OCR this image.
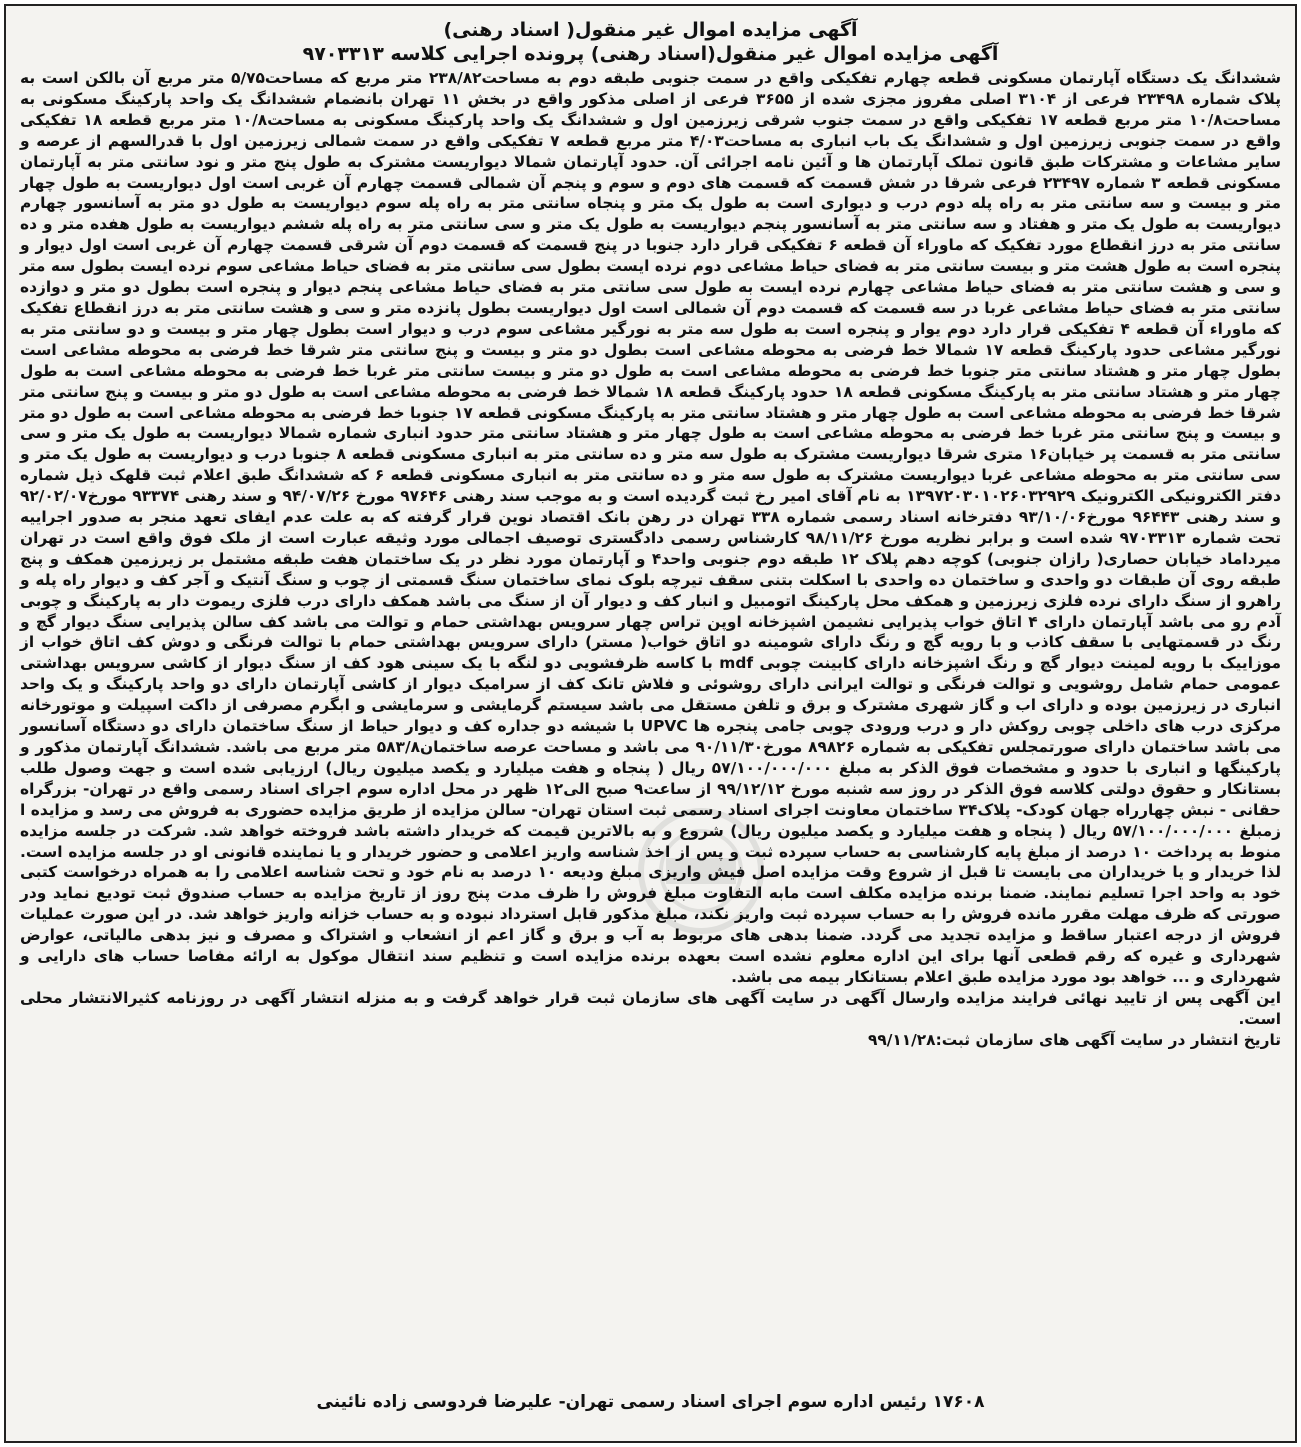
آگهی مزایده اموال غیر منقول( اسناد رهنی)
آگهی مزایده اموال غیر منقول(اسناد رهنی) پرونده اجرایی کلاسه ۹۷۰۳۳۱۳

ششدانگ یک دستگاه آپارتمان مسکونی قطعه چهارم تفکیکی واقع در سمت جنوبی طبقه دوم به مساحت۲۳۸/۸۲ متر مربع که مساحت۵/۷۵ متر مربع آن بالکن است به پلاک شماره ۲۳۴۹۸ فرعی از ۳۱۰۴ اصلی مفروز مجزی شده از ۳۶۵۵ فرعی از اصلی مذکور واقع در بخش ۱۱ تهران بانضمام ششدانگ یک واحد پارکینگ مسکونی به مساحت۱۰/۸ متر مربع قطعه ۱۷ تفکیکی واقع در سمت جنوب شرقی زیرزمین اول و ششدانگ یک واحد پارکینگ مسکونی به مساحت۱۰/۸ متر مربع قطعه ۱۸ تفکیکی واقع در سمت جنوبی زیرزمین اول و ششدانگ یک باب انباری به مساحت۴/۰۳ متر مربع قطعه ۷ تفکیکی واقع در سمت شمالی زیرزمین اول با قدرالسهم از عرصه و سایر مشاعات و مشترکات طبق قانون تملک آپارتمان ها و آئین نامه اجرائی آن. حدود آپارتمان شمالا دیواریست مشترک به طول پنج متر و نود سانتی متر به آپارتمان مسکونی قطعه ۳ شماره ۲۳۴۹۷ فرعی شرقا در شش قسمت که قسمت های دوم و سوم و پنجم آن شمالی قسمت چهارم آن غربی است اول دیواریست به طول چهار متر و بیست و سه سانتی متر به راه پله دوم درب و دیواری است به طول یک متر و پنجاه سانتی متر به راه پله سوم دیواریست به طول دو متر به آسانسور چهارم دیواریست به طول یک متر و هفتاد و سه سانتی متر به آسانسور پنجم دیواریست به طول یک متر و سی سانتی متر به راه پله ششم دیواریست به طول هفده متر و ده سانتی متر به درز انقطاع مورد تفکیک که ماوراء آن قطعه ۶ تفکیکی قرار دارد جنوبا در پنج قسمت که قسمت دوم آن شرقی قسمت چهارم آن غربی است اول دیوار و پنجره است به طول هشت متر و بیست سانتی متر به فضای حیاط مشاعی دوم نرده ایست بطول سی سانتی متر به فضای حیاط مشاعی سوم نرده ایست بطول سه متر و سی و هشت سانتی متر به فضای حیاط مشاعی چهارم نرده ایست به طول سی سانتی متر به فضای حیاط مشاعی پنجم دیوار و پنجره است بطول دو متر و دوازده سانتی متر به فضای حیاط مشاعی غربا در سه قسمت که قسمت دوم آن شمالی است اول دیواریست بطول پانزده متر و سی و هشت سانتی متر به درز انقطاع تفکیک که ماوراء آن قطعه ۴ تفکیکی قرار دارد دوم یوار و پنجره است به طول سه متر به نورگیر مشاعی سوم درب و دیوار است بطول چهار متر و بیست و دو سانتی متر به نورگیر مشاعی حدود پارکینگ قطعه ۱۷ شمالا خط فرضی به محوطه مشاعی است بطول دو متر و بیست و پنج سانتی متر شرقا خط فرضی به محوطه مشاعی است بطول چهار متر و هشتاد سانتی متر جنوبا خط فرضی به محوطه مشاعی است به طول دو متر و بیست سانتی متر غربا خط فرضی به محوطه مشاعی است به طول چهار متر و هشتاد سانتی متر به پارکینگ مسکونی قطعه ۱۸ حدود پارکینگ قطعه ۱۸ شمالا خط فرضی به محوطه مشاعی است به طول دو متر و بیست و پنج سانتی متر شرقا خط فرضی به محوطه مشاعی است به طول چهار متر و هشتاد سانتی متر به پارکینگ مسکونی قطعه ۱۷ جنوبا خط فرضی به محوطه مشاعی است به طول دو متر و بیست و پنج سانتی متر غربا خط فرضی به محوطه مشاعی است به طول چهار متر و هشتاد سانتی متر حدود انباری شماره شمالا دیواریست به طول یک متر و سی سانتی متر به قسمت پر خیابان۱۶ متری شرقا دیواریست مشترک به طول سه متر و ده سانتی متر به انباری مسکونی قطعه ۸ جنوبا درب و دیواریست به طول یک متر و سی سانتی متر به محوطه مشاعی غربا دیواریست مشترک به طول سه متر و ده سانتی متر به انباری مسکونی قطعه ۶ که ششدانگ طبق اعلام ثبت قلهک ذیل شماره دفتر الکترونیکی الکترونیک ۱۳۹۷۲۰۳۰۱۰۲۶۰۳۲۹۲۹ به نام آقای امیر رخ ثبت گردیده است و به موجب سند رهنی ۹۷۶۴۶ مورخ ۹۴/۰۷/۲۶ و سند رهنی ۹۳۳۷۴ مورخ۹۲/۰۲/۰۷ و سند رهنی ۹۶۴۴۳ مورخ۹۳/۱۰/۰۶ دفترخانه اسناد رسمی شماره ۳۳۸ تهران در رهن بانک اقتصاد نوین قرار گرفته که به علت عدم ایفای تعهد منجر به صدور اجراییه تحت شماره ۹۷۰۳۳۱۳ شده است و برابر نظریه مورخ ۹۸/۱۱/۲۶ کارشناس رسمی دادگستری توصیف اجمالی مورد وثیقه عبارت است از ملک فوق واقع است در تهران میرداماد خیابان حصاری( رازان جنوبی) کوچه دهم پلاک ۱۲ طبقه دوم جنوبی واحد۴ و آپارتمان مورد نظر در یک ساختمان هفت طبقه مشتمل بر زیرزمین همکف و پنج طبقه روی آن طبقات دو واحدی و ساختمان ده واحدی با اسکلت بتنی سقف تیرچه بلوک نمای ساختمان سنگ قسمتی از چوب و سنگ آنتیک و آجر کف و دیوار راه پله و راهرو از سنگ دارای نرده فلزی زیرزمین و همکف محل پارکینگ اتومبیل و انبار کف و دیوار آن از سنگ می باشد همکف دارای درب فلزی ریموت دار به پارکینگ و چوبی آدم رو می باشد آپارتمان دارای ۴ اتاق خواب پذیرایی نشیمن اشپزخانه اوپن تراس چهار سرویس بهداشتی حمام و توالت می باشد کف سالن پذیرایی سنگ دیوار گچ و رنگ در قسمتهایی با سقف کاذب و با رویه گچ و رنگ دارای شومینه دو اتاق خواب( مستر) دارای سرویس بهداشتی حمام با توالت فرنگی و دوش کف اتاق خواب از موزاییک با رویه لمینت دیوار گچ و رنگ اشپزخانه دارای کابینت چوبی mdf با کاسه ظرفشویی دو لنگه با یک سینی هود کف از سنگ دیوار از کاشی سرویس بهداشتی عمومی حمام شامل روشویی و توالت فرنگی و توالت ایرانی دارای روشوئی و فلاش تانک کف از سرامیک دیوار از کاشی آپارتمان دارای دو واحد پارکینگ و یک واحد انباری در زیرزمین بوده و دارای اب و گاز شهری مشترک و برق و تلفن مستقل می باشد سیستم گرمایشی و سرمایشی و ابگرم مصرفی از داکت اسپیلت و موتورخانه مرکزی درب های داخلی چوبی روکش دار و درب ورودی چوبی جامی پنجره ها UPVC با شیشه دو جداره کف و دیوار حیاط از سنگ ساختمان دارای دو دستگاه آسانسور می باشد ساختمان دارای صورتمجلس تفکیکی به شماره ۸۹۸۲۶ مورخ۹۰/۱۱/۳۰ می باشد و مساحت عرصه ساختمان۵۸۳/۸ متر مربع می باشد. ششدانگ آپارتمان مذکور و پارکینگها و انباری با حدود و مشخصات فوق الذکر به مبلغ ۵۷/۱۰۰/۰۰۰/۰۰۰ ریال ( پنجاه و هفت میلیارد و یکصد میلیون ریال) ارزیابی شده است و جهت وصول طلب بستانکار و حقوق دولتی کلاسه فوق الذکر در روز سه شنبه مورخ ۹۹/۱۲/۱۲ از ساعت۹ صبح الی۱۲ ظهر در محل اداره سوم اجرای اسناد رسمی واقع در تهران- بزرگراه حقانی - نبش چهارراه جهان کودک- پلاک۳۴ ساختمان معاونت اجرای اسناد رسمی ثبت استان تهران- سالن مزایده از طریق مزایده حضوری به فروش می رسد و مزایده ا زمبلغ ۵۷/۱۰۰/۰۰۰/۰۰۰ ریال ( پنجاه و هفت میلیارد و یکصد میلیون ریال) شروع و به بالاترین قیمت که خریدار داشته باشد فروخته خواهد شد. شرکت در جلسه مزایده منوط به پرداخت ۱۰ درصد از مبلغ پایه کارشناسی به حساب سپرده ثبت و پس از اخذ شناسه واریز اعلامی و حضور خریدار و یا نماینده قانونی او در جلسه مزایده است. لذا خریدار و یا خریداران می بایست تا قبل از شروع وقت مزایده اصل فیش واریزی مبلغ ودیعه ۱۰ درصد به نام خود و تحت شناسه اعلامی را به همراه درخواست کتبی خود به واحد اجرا تسلیم نمایند. ضمنا برنده مزایده مکلف است مابه التفاوت مبلغ فروش را ظرف مدت پنج روز از تاریخ مزایده به حساب صندوق ثبت تودیع نماید ودر صورتی که ظرف مهلت مقرر مانده فروش را به حساب سپرده ثبت واریز نکند، مبلغ مذکور قابل استرداد نبوده و به حساب خزانه واریز خواهد شد. در این صورت عملیات فروش از درجه اعتبار ساقط و مزایده تجدید می گردد. ضمنا بدهی های مربوط به آب و برق و گاز اعم از انشعاب و اشتراک و مصرف و نیز بدهی مالیاتی، عوارض شهرداری و غیره که رقم قطعی آنها برای این اداره معلوم نشده است بعهده برنده مزایده است و تنظیم سند انتقال موکول به ارائه مفاصا حساب های دارایی و شهرداری و ... خواهد بود مورد مزایده طبق اعلام بستانکار بیمه می باشد.

این آگهی پس از تایید نهائی فرایند مزایده وارسال آگهی در سایت آگهی های سازمان ثبت قرار خواهد گرفت و به منزله انتشار آگهی در روزنامه کثیرالانتشار محلی است.

تاریخ انتشار در سایت آگهی های سازمان ثبت:۹۹/۱۱/۲۸

۱۷۶۰۸ رئیس اداره سوم اجرای اسناد رسمی تهران- علیرضا فردوسی زاده نائینی
